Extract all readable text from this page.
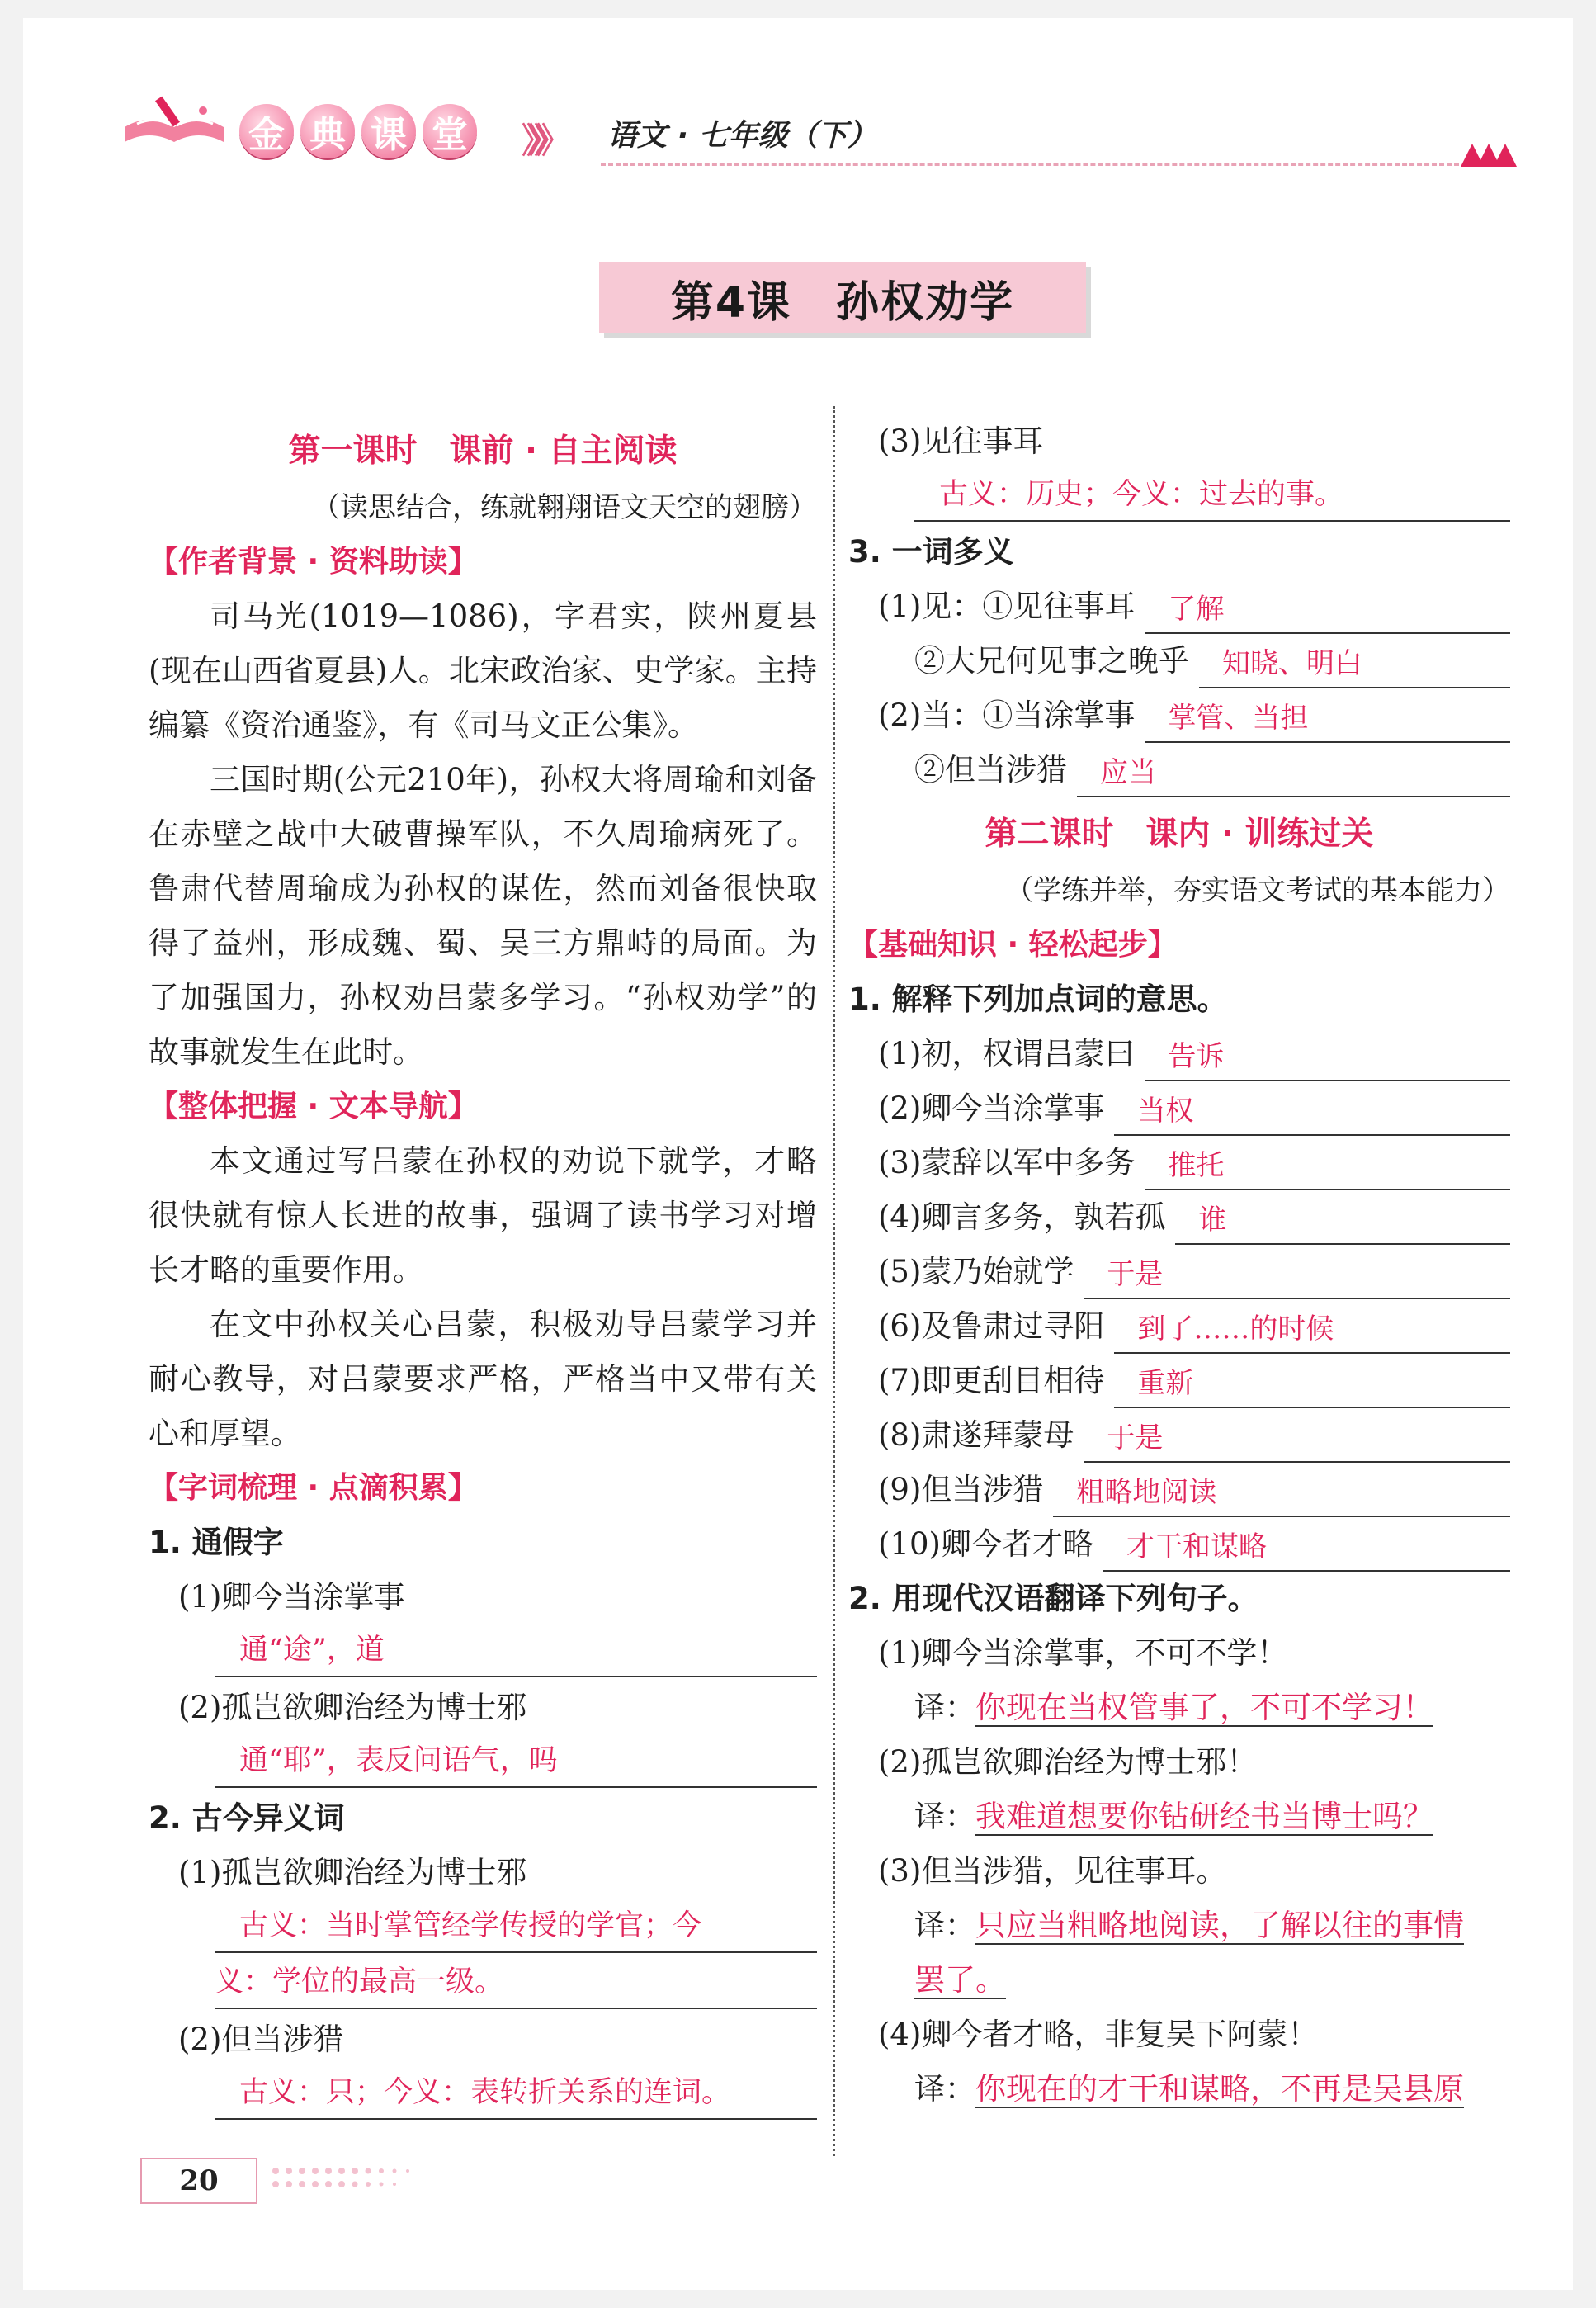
金 典 课 堂 》》》 语文 · 七年级（下）
第4课　孙权劝学
第一课时　课前 · 自主阅读
（读思结合，练就翱翔语文天空的翅膀）
【作者背景 · 资料助读】
司马光(1019—1086)，字君实，陕州夏县(现在山西省夏县)人。北宋政治家、史学家。主持编纂《资治通鉴》，有《司马文正公集》。
三国时期(公元210年)，孙权大将周瑜和刘备在赤壁之战中大破曹操军队，不久周瑜病死了。鲁肃代替周瑜成为孙权的谋佐，然而刘备很快取得了益州，形成魏、蜀、吴三方鼎峙的局面。为了加强国力，孙权劝吕蒙多学习。“孙权劝学”的故事就发生在此时。
【整体把握 · 文本导航】
本文通过写吕蒙在孙权的劝说下就学，才略很快就有惊人长进的故事，强调了读书学习对增长才略的重要作用。
在文中孙权关心吕蒙，积极劝导吕蒙学习并耐心教导，对吕蒙要求严格，严格当中又带有关心和厚望。
【字词梳理 · 点滴积累】
1. 通假字
(1)卿今当涂掌事
通“途”，道
(2)孤岂欲卿治经为博士邪
通“耶”，表反问语气，吗
2. 古今异义词
(1)孤岂欲卿治经为博士邪
古义：当时掌管经学传授的学官；今
义：学位的最高一级。
(2)但当涉猎
古义：只；今义：表转折关系的连词。
(3)见往事耳
古义：历史；今义：过去的事。
3. 一词多义
(1)见：①见往事耳	了解
②大兄何见事之晚乎	知晓、明白
(2)当：①当涂掌事	掌管、当担
②但当涉猎	应当
第二课时　课内 · 训练过关
（学练并举，夯实语文考试的基本能力）
【基础知识 · 轻松起步】
1. 解释下列加点词的意思。
(1)初，权谓吕蒙曰	告诉
(2)卿今当涂掌事	当权
(3)蒙辞以军中多务	推托
(4)卿言多务，孰若孤	谁
(5)蒙乃始就学	于是
(6)及鲁肃过寻阳	到了……的时候
(7)即更刮目相待	重新
(8)肃遂拜蒙母	于是
(9)但当涉猎	粗略地阅读
(10)卿今者才略	才干和谋略
2. 用现代汉语翻译下列句子。
(1)卿今当涂掌事，不可不学！
译：你现在当权管事了，不可不学习！
(2)孤岂欲卿治经为博士邪！
译：我难道想要你钻研经书当博士吗？
(3)但当涉猎，见往事耳。
译：只应当粗略地阅读，了解以往的事情
罢了。
(4)卿今者才略，非复吴下阿蒙！
译：你现在的才干和谋略，不再是吴县原
20
